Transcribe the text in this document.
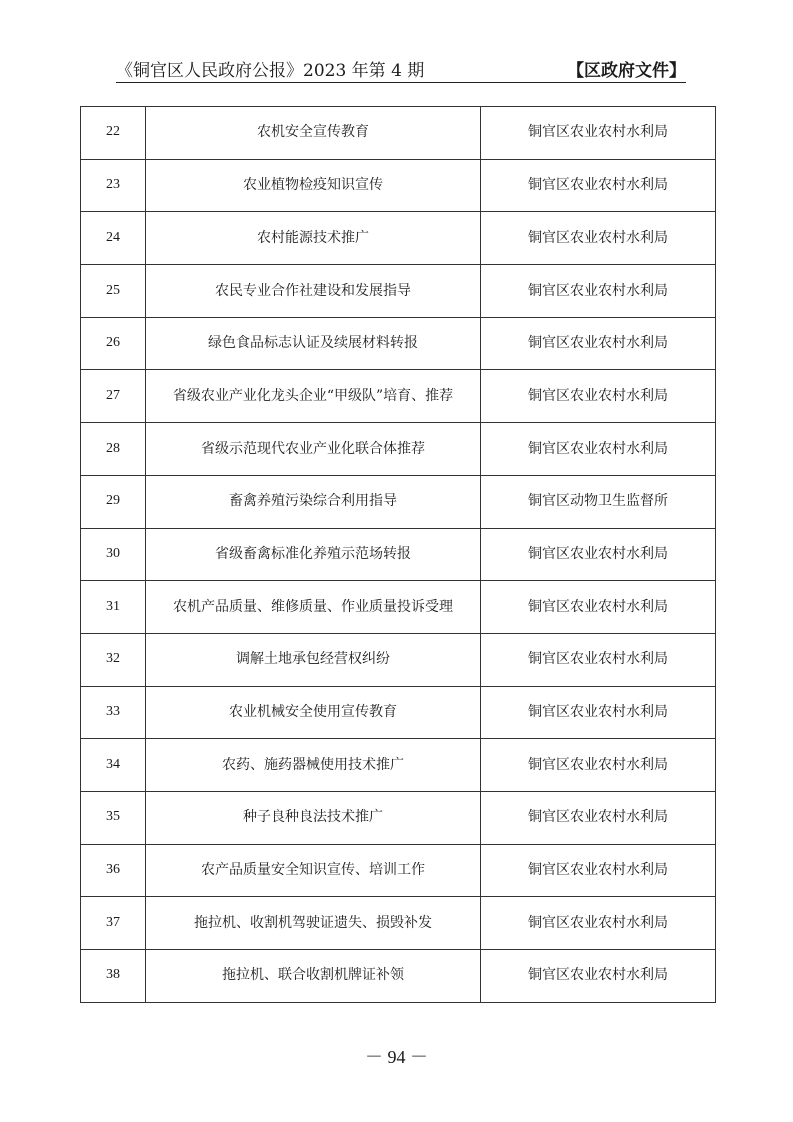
《铜官区人民政府公报》2023 年第 4 期	【区政府文件】
22	农机安全宣传教育	铜官区农业农村水利局
23	农业植物检疫知识宣传	铜官区农业农村水利局
24	农村能源技术推广	铜官区农业农村水利局
25	农民专业合作社建设和发展指导	铜官区农业农村水利局
26	绿色食品标志认证及续展材料转报	铜官区农业农村水利局
27	省级农业产业化龙头企业“甲级队”培育、推荐	铜官区农业农村水利局
28	省级示范现代农业产业化联合体推荐	铜官区农业农村水利局
29	畜禽养殖污染综合利用指导	铜官区动物卫生监督所
30	省级畜禽标准化养殖示范场转报	铜官区农业农村水利局
31	农机产品质量、维修质量、作业质量投诉受理	铜官区农业农村水利局
32	调解土地承包经营权纠纷	铜官区农业农村水利局
33	农业机械安全使用宣传教育	铜官区农业农村水利局
34	农药、施药器械使用技术推广	铜官区农业农村水利局
35	种子良种良法技术推广	铜官区农业农村水利局
36	农产品质量安全知识宣传、培训工作	铜官区农业农村水利局
37	拖拉机、收割机驾驶证遗失、损毁补发	铜官区农业农村水利局
38	拖拉机、联合收割机牌证补领	铜官区农业农村水利局
－ 94 －
